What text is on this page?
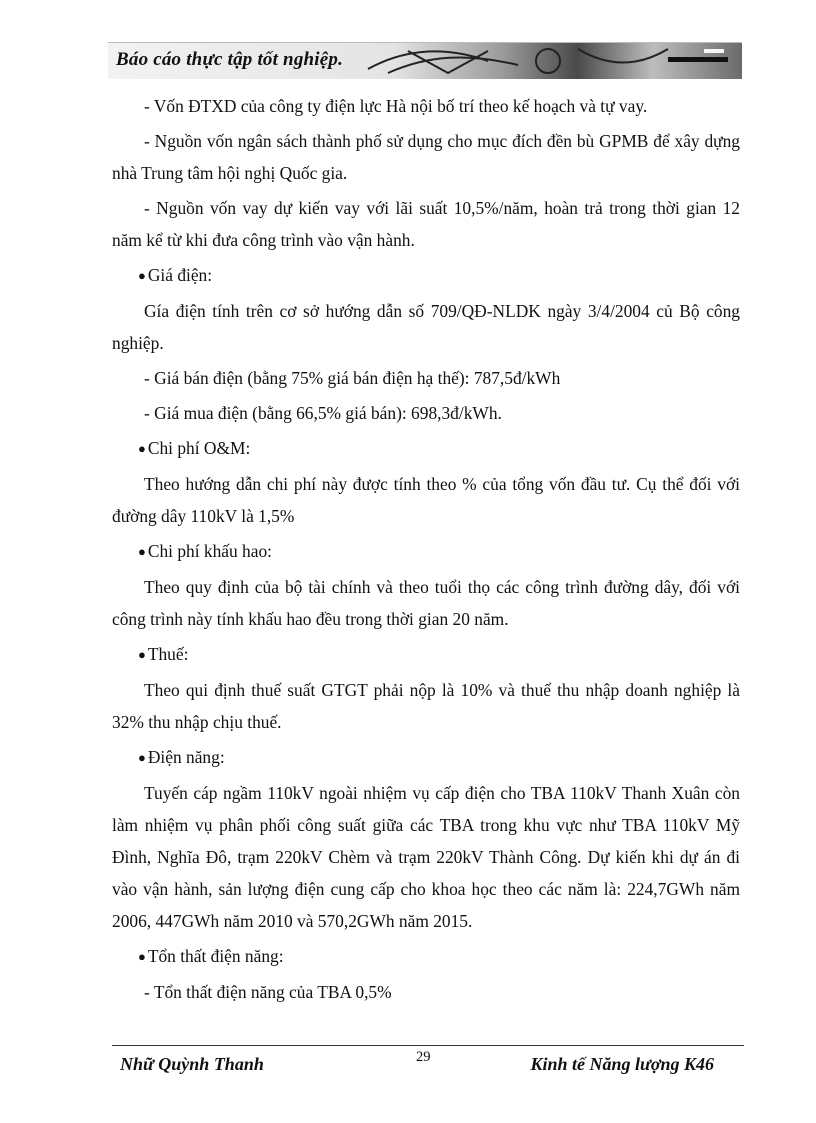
Báo cáo thực tập tốt nghiệp.

- Vốn ĐTXD của công ty điện lực Hà nội bố trí theo kế hoạch và tự vay.

- Nguồn vốn ngân sách thành phố sử dụng cho mục đích đền bù GPMB để xây dựng nhà Trung tâm hội nghị Quốc gia.

- Nguồn vốn vay dự kiến vay với lãi suất 10,5%/năm, hoàn trả trong thời gian 12 năm kể từ khi đưa công trình vào vận hành.

● Giá điện:

Gía điện tính trên cơ sở hướng dẫn số 709/QĐ-NLDK ngày 3/4/2004 củ Bộ công nghiệp.

- Giá bán điện (bằng 75% giá bán điện hạ thế): 787,5đ/kWh

- Giá mua điện (bằng 66,5% giá bán): 698,3đ/kWh.

● Chi phí O&M:

Theo hướng dẫn chi phí này được tính theo % của tổng vốn đầu tư. Cụ thể đối với đường dây 110kV là 1,5%

● Chi phí khấu hao:

Theo quy định của bộ tài chính và theo tuổi thọ các công trình đường dây, đối với công trình này tính khấu hao đều trong thời gian 20 năm.

● Thuế:

Theo qui định thuế suất GTGT phải nộp là 10% và thuế thu nhập doanh nghiệp là 32% thu nhập chịu thuế.

● Điện năng:

Tuyến cáp ngầm 110kV ngoài nhiệm vụ cấp điện cho TBA 110kV Thanh Xuân còn làm nhiệm vụ phân phối công suất giữa các TBA trong khu vực như TBA 110kV Mỹ Đình, Nghĩa Đô, trạm 220kV Chèm và trạm 220kV Thành Công. Dự kiến khi dự án đi vào vận hành, sản lượng điện cung cấp cho khoa học theo các năm là: 224,7GWh năm 2006, 447GWh năm 2010 và 570,2GWh năm 2015.

● Tổn thất điện năng:

- Tổn thất điện năng của TBA 0,5%

Nhữ Quỳnh Thanh	29	Kinh tế Năng lượng K46
